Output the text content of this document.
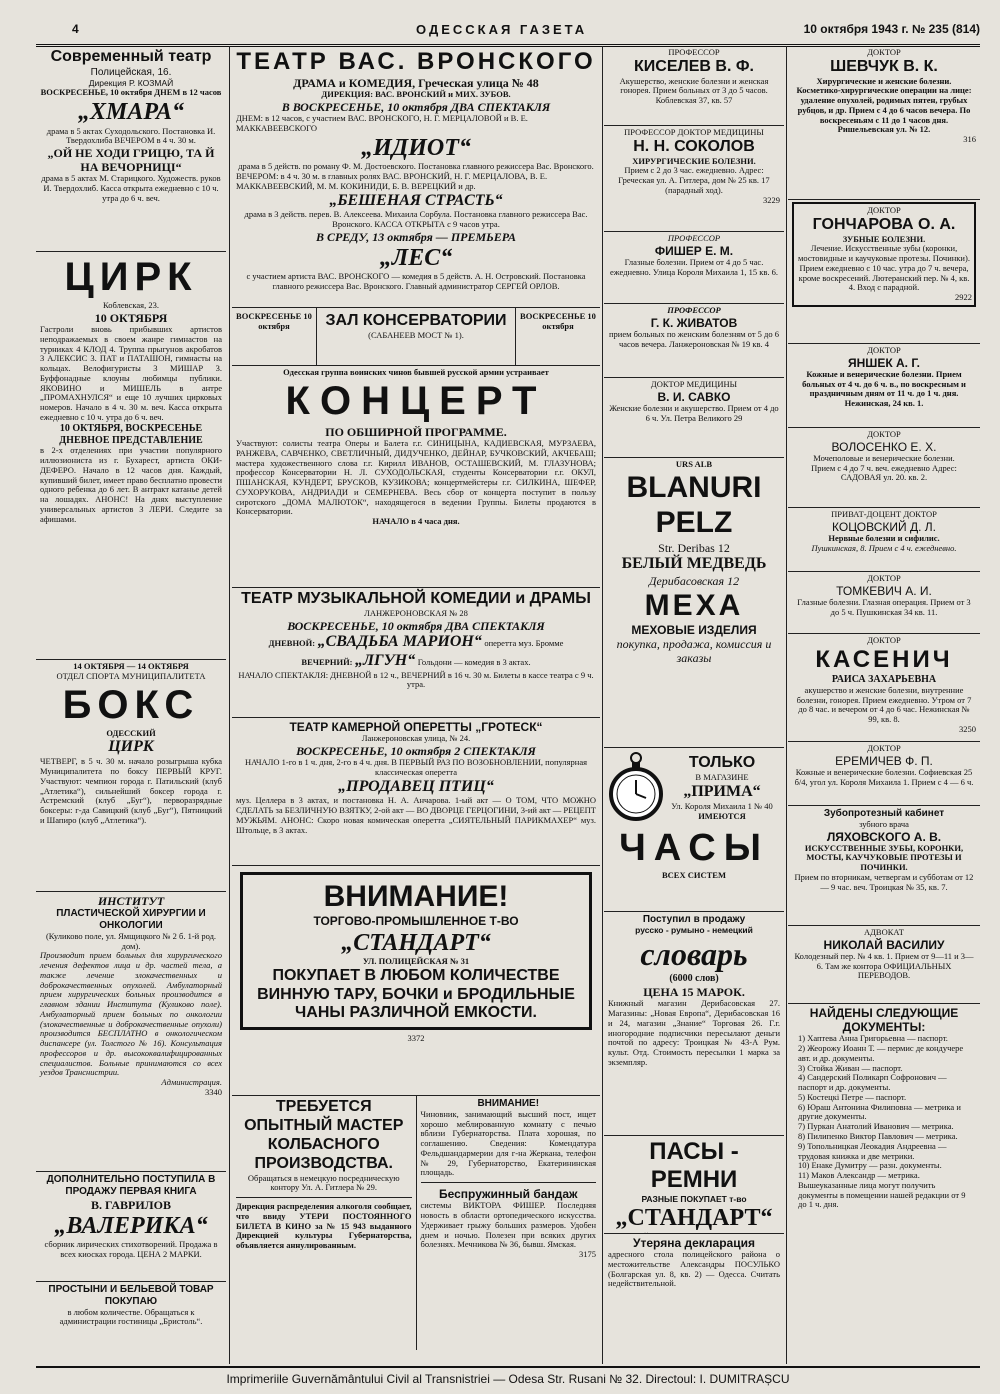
4	ОДЕССКАЯ ГАЗЕТА	10 октября 1943 г. № 235 (814)
Современный театр
Полицейская, 16.
Дирекция Р. КОЗМАЙ
ВОСКРЕСЕНЬЕ, 10 октября ДНЕМ в 12 часов
„ХМАРА“
драма в 5 актах Суходольского. Постановка И. Твердохлиба ВЕЧЕРОМ в 4 ч. 30 м.
„ОЙ НЕ ХОДИ ГРИЦЮ, ТА Й НА ВЕЧОРНИЦІ“
драма в 5 актах М. Старицкого. Художеств. руков И. Твердохлиб. Касса открыта ежедневно с 10 ч. утра до 6 ч. веч.
ЦИРК
Коблевская, 23.
10 ОКТЯБРЯ
Гастроли вновь прибывших артистов неподражаемых в своем жанре гимнастов на турниках 4 КЛОД 4. Труппа прыгунов акробатов 3 АЛЕКСИС 3. ПАТ и ПАТАШОН, гимнасты на кольцах. Велофигуристы 3 МИШАР 3. Буффонадные клоуны любимцы публики. ЯКОВИНО и МИШЕЛЬ в антре „ПРОМАХНУЛСЯ“ и еще 10 лучших цирковых номеров. Начало в 4 ч. 30 м. веч. Касса открыта ежедневно с 10 ч. утра до 6 ч. веч.
10 ОКТЯБРЯ, ВОСКРЕСЕНЬЕ ДНЕВНОЕ ПРЕДСТАВЛЕНИЕ
в 2-х отделениях при участии популярного иллюзиониста из г. Бухарест, артиста ОКИ-ДЕФЕРО. Начало в 12 часов дня. Каждый, купивший билет, имеет право бесплатно провести одного ребенка до 6 лет. В антракт катанье детей на лошадях. АНОНС! На днях выступление универсальных артистов 3 ЛЕРИ. Следите за афишами.
14 ОКТЯБРЯ — 14 ОКТЯБРЯ
ОТДЕЛ СПОРТА МУНИЦИПАЛИТЕТА
БОКС
ОДЕССКИЙ
ЦИРК
ЧЕТВЕРГ, в 5 ч. 30 м. начало розыгрыша кубка Муниципалитета по боксу ПЕРВЫЙ КРУГ. Участвуют: чемпион города г. Патильский (клуб „Атлетика“), сильнейший боксер города г. Астремский (клуб „Буг“), перворазрядные боксеры: г-да Савицкий (клуб „Буг“), Пятницкий и Шапиро (клуб „Атлетика“).
ИНСТИТУТ
ПЛАСТИЧЕСКОЙ ХИРУРГИИ И ОНКОЛОГИИ
(Куликово поле, ул. Ямщицкого № 2 б. 1-й род. дом).
Производит прием больных для хирургического лечения дефектов лица и др. частей тела, а также лечение злокачественных и доброкачественных опухолей. Амбулаторный прием хирургических больных производится в главном здании Института (Куликово поле). Амбулаторный прием больных по онкологии (злокачественные и доброкачественные опухоли) производится БЕСПЛАТНО в онкологическом диспансере (ул. Толстого № 16). Консультация профессоров и др. высококвалифицированных специалистов. Больные принимаются со всех уездов Транснистрии.
Администрация.
3340
ДОПОЛНИТЕЛЬНО ПОСТУПИЛА В ПРОДАЖУ ПЕРВАЯ КНИГА
В. ГАВРИЛОВ
„ВАЛЕРИКА“
сборник лирических стихотворений. Продажа в всех киосках города. ЦЕНА 2 МАРКИ.
ПРОСТЫНИ И БЕЛЬЕВОЙ ТОВАР ПОКУПАЮ
в любом количестве. Обращаться к администрации гостиницы „Бристоль“.
ТЕАТР ВАС. ВРОНСКОГО
ДРАМА и КОМЕДИЯ, Греческая улица № 48
ДИРЕКЦИЯ: ВАС. ВРОНСКИЙ и МИХ. ЗУБОВ.
В ВОСКРЕСЕНЬЕ, 10 октября ДВА СПЕКТАКЛЯ
ДНЕМ: в 12 часов, с участием ВАС. ВРОНСКОГО, Н. Г. МЕРЦАЛОВОЙ и В. Е. МАККАВЕЕВСКОГО
„ИДИОТ“
драма в 5 действ. по роману Ф. М. Достоевского. Постановка главного режиссера Вас. Вронского.
ВЕЧЕРОМ: в 4 ч. 30 м. в главных ролях ВАС. ВРОНСКИЙ, Н. Г. МЕРЦАЛОВА, В. Е. МАККАВЕЕВСКИЙ, М. М. КОКИНИДИ, Б. В. ВЕРЕЦКИЙ и др.
„БЕШЕНАЯ СТРАСТЬ“
драма в 3 действ. перев. В. Алексеева. Михаила Сорбула. Постановка главного режиссера Вас. Вронского. КАССА ОТКРЫТА с 9 часов утра.
В СРЕДУ, 13 октября — ПРЕМЬЕРА
„ЛЕС“
с участием артиста ВАС. ВРОНСКОГО — комедия в 5 действ. А. Н. Островский. Постановка главного режиссера Вас. Вронского. Главный администратор СЕРГЕЙ ОРЛОВ.
ВОСКРЕСЕНЬЕ 10 октября	ЗАЛ КОНСЕРВАТОРИИ
(САБАНЕЕВ МОСТ № 1).
ВОСКРЕСЕНЬЕ 10 октября
Одесская группа воинских чинов бывшей русской армии устраивает
КОНЦЕРТ
ПО ОБШИРНОЙ ПРОГРАММЕ.
Участвуют: солисты театра Оперы и Балета г.г. СИНИЦЫНА, КАДИЕВСКАЯ, МУРЗАЕВА, РАНЖЕВА, САВЧЕНКО, СВЕТЛИЧНЫЙ, ДИДУЧЕНКО, ДЕЙНАР, БУЧКОВСКИЙ, АКЧЕБАШ; мастера художественного слова г.г. Кирилл ИВАНОВ, ОСТАШЕВСКИЙ, М. ГЛАЗУНОВА; профессор Консерватории Н. Л. СУХОДОЛЬСКАЯ, студенты Консерватории г.г. ОКУЛ, ПШАНСКАЯ, КУНДЕРТ, БРУСКОВ, КУЗИКОВА; концертмейстеры г.г. СИЛКИНА, ШЕФЕР, СУХОРУКОВА, АНДРИАДИ и СЕМЕРНЕВА. Весь сбор от концерта поступит в пользу сиротского „ДОМА МАЛЮТОК“, находящегося в ведении Группы. Билеты продаются в Консерватории.
НАЧАЛО в 4 часа дня.
ТЕАТР МУЗЫКАЛЬНОЙ КОМЕДИИ и ДРАМЫ
ЛАНЖЕРОНОВСКАЯ № 28
ВОСКРЕСЕНЬЕ, 10 октября ДВА СПЕКТАКЛЯ
ДНЕВНОЙ: „СВАДЬБА МАРИОН“ оперетта муз. Бромме
ВЕЧЕРНИЙ: „ЛГУН“ Гольдони — комедия в 3 актах.
НАЧАЛО СПЕКТАКЛЯ: ДНЕВНОЙ в 12 ч., ВЕЧЕРНИЙ в 16 ч. 30 м. Билеты в кассе театра с 9 ч. утра.
ТЕАТР КАМЕРНОЙ ОПЕРЕТТЫ „ГРОТЕСК“
Ланжероновская улица, № 24.
ВОСКРЕСЕНЬЕ, 10 октября 2 СПЕКТАКЛЯ
НАЧАЛО 1-го в 1 ч. дня, 2-го в 4 ч. дня. В ПЕРВЫЙ РАЗ ПО ВОЗОБНОВЛЕНИИ, популярная классическая оперетта
„ПРОДАВЕЦ ПТИЦ“
муз. Целлера в 3 актах, и постановка Н. А. Анчарова. 1-ый акт — О ТОМ, ЧТО МОЖНО СДЕЛАТЬ за БЕЗЛИЧНУЮ ВЗЯТКУ, 2-ой акт — ВО ДВОРЦЕ ГЕРЦОГИНИ, 3-ий акт — РЕЦЕПТ МУЖЬЯМ. АНОНС: Скоро новая комическая оперетта „СИЯТЕЛЬНЫЙ ПАРИКМАХЕР“ муз. Штольце, в 3 актах.
ВНИМАНИЕ!
ТОРГОВО-ПРОМЫШЛЕННОЕ Т-ВО
„СТАНДАРТ“
УЛ. ПОЛИЦЕЙСКАЯ № 31
ПОКУПАЕТ В ЛЮБОМ КОЛИЧЕСТВЕ ВИННУЮ ТАРУ, БОЧКИ и БРОДИЛЬНЫЕ ЧАНЫ РАЗЛИЧНОЙ ЕМКОСТИ.
3372
ТРЕБУЕТСЯ ОПЫТНЫЙ МАСТЕР КОЛБАСНОГО ПРОИЗВОДСТВА.
Обращаться в немецкую посредническую контору Ул. А. Гитлера № 29.
Дирекция распределения алкоголя сообщает, что ввиду УТЕРИ ПОСТОЯННОГО БИЛЕТА В КИНО за № 15 943 выданного Дирекцией культуры Губернаторства, объявляется аннулированным.
ВНИМАНИЕ!
Чиновник, занимающий высший пост, ищет хорошо меблированную комнату с печью вблизи Губернаторства. Плата хорошая, по соглашению. Сведения: Комендатура Фельдшандармерии для г-на Жеркана, телефон № 29, Губернаторство, Екатерининская площадь.
Беспружинный бандаж
системы ВИКТОРА ФИШЕР. Последняя новость в области ортопедического искусства. Удерживает грыжу больших размеров. Удобен днем и ночью. Полезен при всяких других болезнях. Мечникова № 36, бывш. Ямская.
3175
ПРОФЕССОР
КИСЕЛЕВ В. Ф.
Акушерство, женские болезни и женская гонорея. Прием больных от 3 до 5 часов. Коблевская 37, кв. 57
ПРОФЕССОР ДОКТОР МЕДИЦИНЫ
Н. Н. СОКОЛОВ
ХИРУРГИЧЕСКИЕ БОЛЕЗНИ.
Прием с 2 до 3 час. ежедневно. Адрес: Греческая ул. А. Гитлера, дом № 25 кв. 17 (парадный ход).
3229
ПРОФЕССОР
ФИШЕР Е. М.
Глазные болезни. Прием от 4 до 5 час. ежедневно. Улица Короля Михаила 1, 15 кв. 6.
ПРОФЕССОР
Г. К. ЖИВАТОВ
прием больных по женским болезням от 5 до 6 часов вечера. Ланжероновская № 19 кв. 4
ДОКТОР МЕДИЦИНЫ
В. И. САВКО
Женские болезни и акушерство. Прием от 4 до 6 ч. Ул. Петра Великого 29
URS ALB
BLANURI
PELZ
Str. Deribas 12
БЕЛЫЙ МЕДВЕДЬ
Дерибасовская 12
МЕХА
МЕХОВЫЕ ИЗДЕЛИЯ
покупка, продажа, комиссия и заказы
ТОЛЬКО
В МАГАЗИНЕ
„ПРИМА“
Ул. Короля Михаила 1 № 40
ИМЕЮТСЯ
ЧАСЫ
ВСЕХ СИСТЕМ
Поступил в продажу
русско - румыно - немецкий
словарь
(6000 слов)
ЦЕНА 15 МАРОК.
Книжный магазин Дерибасовская 27. Магазины: „Новая Европа“, Дерибасовская 16 и 24, магазин „Знание“ Торговая 26. Г.г. иногородние подписчики пересылают деньги почтой по адресу: Троицкая № 43-А Рум. культ. Отд. Стоимость пересылки 1 марка за экземпляр.
ПАСЫ - РЕМНИ
РАЗНЫЕ ПОКУПАЕТ т-во
„СТАНДАРТ“
Утеряна декларация
адресного стола полицейского района о местожительстве Александры ПОСУЛЬКО (Болгарская ул. 8, кв. 2) — Одесса. Считать недействительной.
ДОКТОР
ШЕВЧУК В. К.
Хирургические и женские болезни.
Косметико-хирургические операции на лице: удаление опухолей, родимых пятен, грубых рубцов, и др. Прием с 4 до 6 часов вечера. По воскресеньям с 11 до 1 часов дня. Ришельевская ул. № 12.
316
ДОКТОР
ГОНЧАРОВА О. А.
ЗУБНЫЕ БОЛЕЗНИ.
Лечение. Искусственные зубы (коронки, мостовидные и каучуковые протезы. Починки). Прием ежедневно с 10 час. утра до 7 ч. вечера, кроме воскресений. Лютеранский пер. № 4, кв. 4. Вход с парадной.
2922
ДОКТОР
ЯНШЕК А. Г.
Кожные и венерические болезни. Прием больных от 4 ч. до 6 ч. в., по воскресным и праздничным дням от 11 ч. до 1 ч. дня. Нежинская, 24 кв. 1.
ДОКТОР
ВОЛОСЕНКО Е. Х.
Мочеполовые и венерические болезни.
Прием с 4 до 7 ч. веч. ежедневно Адрес: САДОВАЯ ул. 20. кв. 2.
ПРИВАТ-ДОЦЕНТ ДОКТОР
КОЦОВСКИЙ Д. Л.
Нервные болезни и сифилис.
Пушкинская, 8. Прием с 4 ч. ежедневно.
ДОКТОР
ТОМКЕВИЧ А. И.
Глазные болезни. Глазная операция. Прием от 3 до 5 ч. Пушкинская 34 кв. 11.
ДОКТОР
КАСЕНИЧ
РАИСА ЗАХАРЬЕВНА
акушерство и женские болезни, внутренние болезни, гонорея. Прием ежедневно. Утром от 7 до 8 час. и вечером от 4 до 6 час. Нежинская № 99, кв. 8.
3250
ДОКТОР
ЕРЕМИЧЕВ Ф. П.
Кожные и венерические болезни. Софиевская 25 б/4, угол ул. Короля Михаила 1. Прием с 4 — 6 ч.
Зубопротезный кабинет
зубного врача
ЛЯХОВСКОГО А. В.
ИСКУССТВЕННЫЕ ЗУБЫ, КОРОНКИ, МОСТЫ, КАУЧУКОВЫЕ ПРОТЕЗЫ И ПОЧИНКИ.
Прием по вторникам, четвергам и субботам от 12 — 9 час. веч. Троицкая № 35, кв. 7.
АДВОКАТ
НИКОЛАЙ ВАСИЛИУ
Колодезный пер. № 4 кв. 1. Прием от 9—11 и 3—6. Там же контора ОФИЦИАЛЬНЫХ ПЕРЕВОДОВ.
НАЙДЕНЫ СЛЕДУЮЩИЕ ДОКУМЕНТЫ:
1) Хаптева Анна Григорьевна — паспорт.
2) Жеорожу Иоанн Т. — пермис де кондучере авт. и др. документы.
3) Стойка Живан — паспорт.
4) Сандерский Поликарп Софронович — паспорт и др. документы.
5) Костецкі Петре — паспорт.
6) Юраш Антонина Филиповна — метрика и другие документы.
7) Пуркан Анатолий Иванович — метрика.
8) Пилипенко Виктор Павлович — метрика.
9) Топольницкая Леокадия Андреевна — трудовая книжка и две метрики.
10) Енаке Думитру — разн. документы.
11) Маков Александр — метрика. Вышеуказанные лица могут получить документы в помещении нашей редакции от 9 до 1 ч. дня.
Imprimeriile Guvernământului Civil al Transnistriei — Odesa Str. Rusani № 32. Directoul: I. DUMITRAȘCU
